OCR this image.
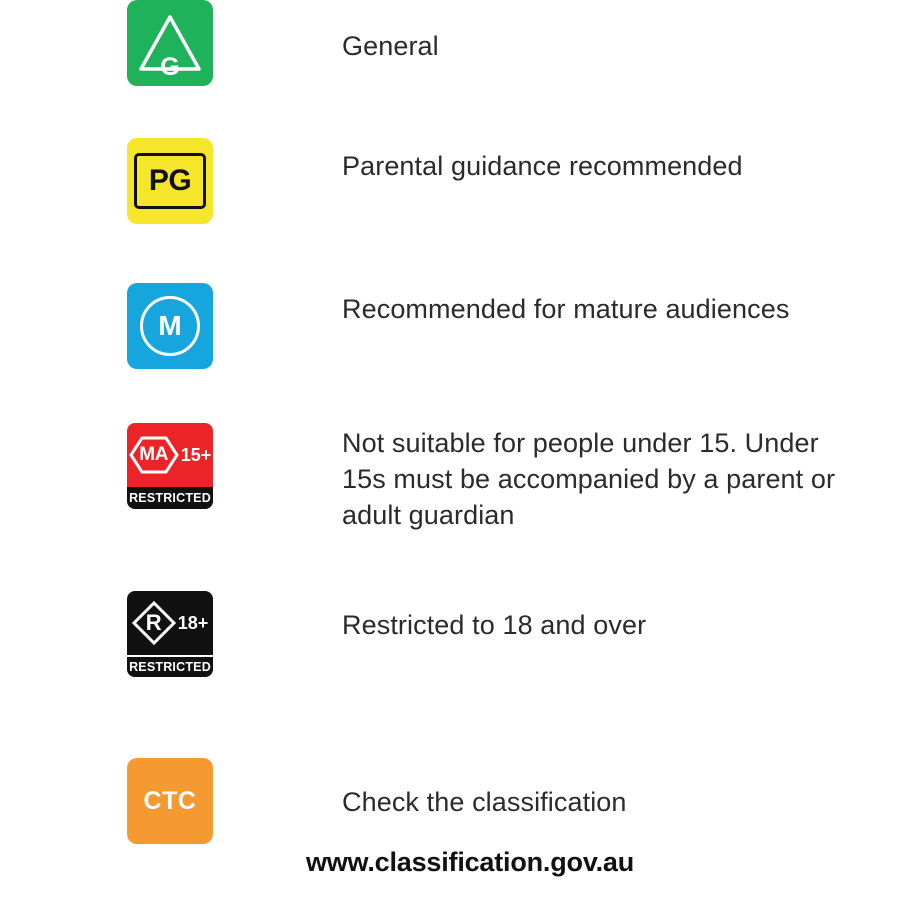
G
General
PG	Parental guidance recommended
M
Recommended for mature audiences
MA 15+
RESTRICTED
Not suitable for people under 15. Under 15s must be accompanied by a parent or adult guardian
R 18+
RESTRICTED
Restricted to 18 and over
CTC	Check the classification
www.classification.gov.au
